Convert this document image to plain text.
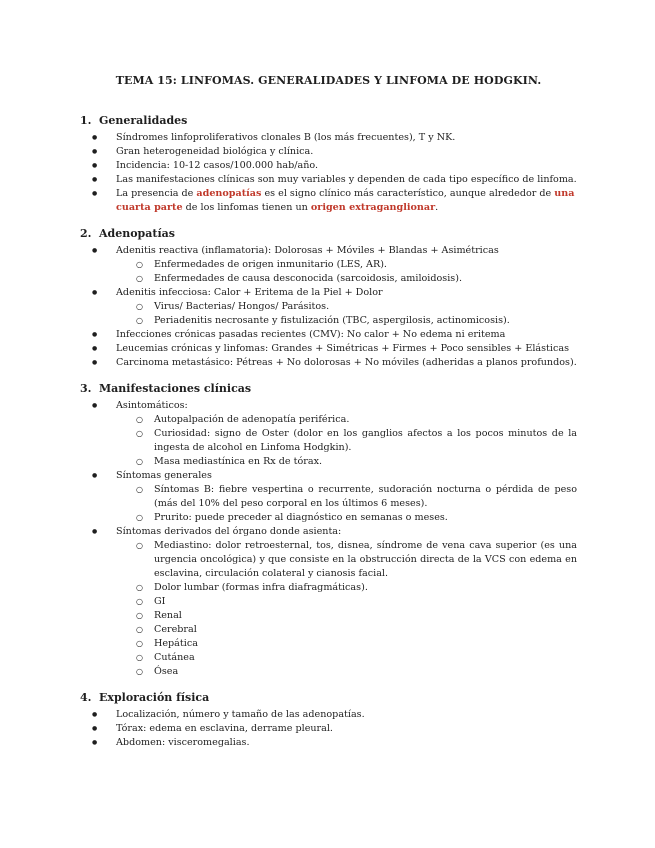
TEMA 15: LINFOMAS. GENERALIDADES Y LINFOMA DE HODGKIN.
1. Generalidades
● Síndromes linfoproliferativos clonales B (los más frecuentes), T y NK.
● Gran heterogeneidad biológica y clínica.
● Incidencia: 10-12 casos/100.000 hab/año.
● Las manifestaciones clínicas son muy variables y dependen de cada tipo específico de linfoma.
● La presencia de adenopatías es el signo clínico más característico, aunque alrededor de una cuarta parte de los linfomas tienen un origen extraganglionar.
2. Adenopatías
● Adenitis reactiva (inflamatoria): Dolorosas + Móviles + Blandas + Asimétricas
○ Enfermedades de origen inmunitario (LES, AR).
○ Enfermedades de causa desconocida (sarcoidosis, amiloidosis).
● Adenitis infecciosa: Calor + Eritema de la Piel + Dolor
○ Virus/ Bacterias/ Hongos/ Parásitos.
○ Periadenitis necrosante y fistulización (TBC, aspergilosis, actinomicosis).
● Infecciones crónicas pasadas recientes (CMV): No calor + No edema ni eritema
● Leucemias crónicas y linfomas: Grandes + Simétricas + Firmes + Poco sensibles + Elásticas
● Carcinoma metastásico: Pétreas + No dolorosas + No móviles (adheridas a planos profundos).
3. Manifestaciones clínicas
● Asintomáticos:
○ Autopalpación de adenopatía periférica.
○ Curiosidad: signo de Oster (dolor en los ganglios afectos a los pocos minutos de la ingesta de alcohol en Linfoma Hodgkin).
○ Masa mediastínica en Rx de tórax.
● Síntomas generales
○ Síntomas B: fiebre vespertina o recurrente, sudoración nocturna o pérdida de peso (más del 10% del peso corporal en los últimos 6 meses).
○ Prurito: puede preceder al diagnóstico en semanas o meses.
● Síntomas derivados del órgano donde asienta:
○ Mediastino: dolor retroesternal, tos, disnea, síndrome de vena cava superior (es una urgencia oncológica) y que consiste en la obstrucción directa de la VCS con edema en esclavina, circulación colateral y cianosis facial.
○ Dolor lumbar (formas infra diafragmáticas).
○ GI
○ Renal
○ Cerebral
○ Hepática
○ Cutánea
○ Ósea
4. Exploración física
● Localización, número y tamaño de las adenopatías.
● Tórax: edema en esclavina, derrame pleural.
● Abdomen: visceromegalias.
